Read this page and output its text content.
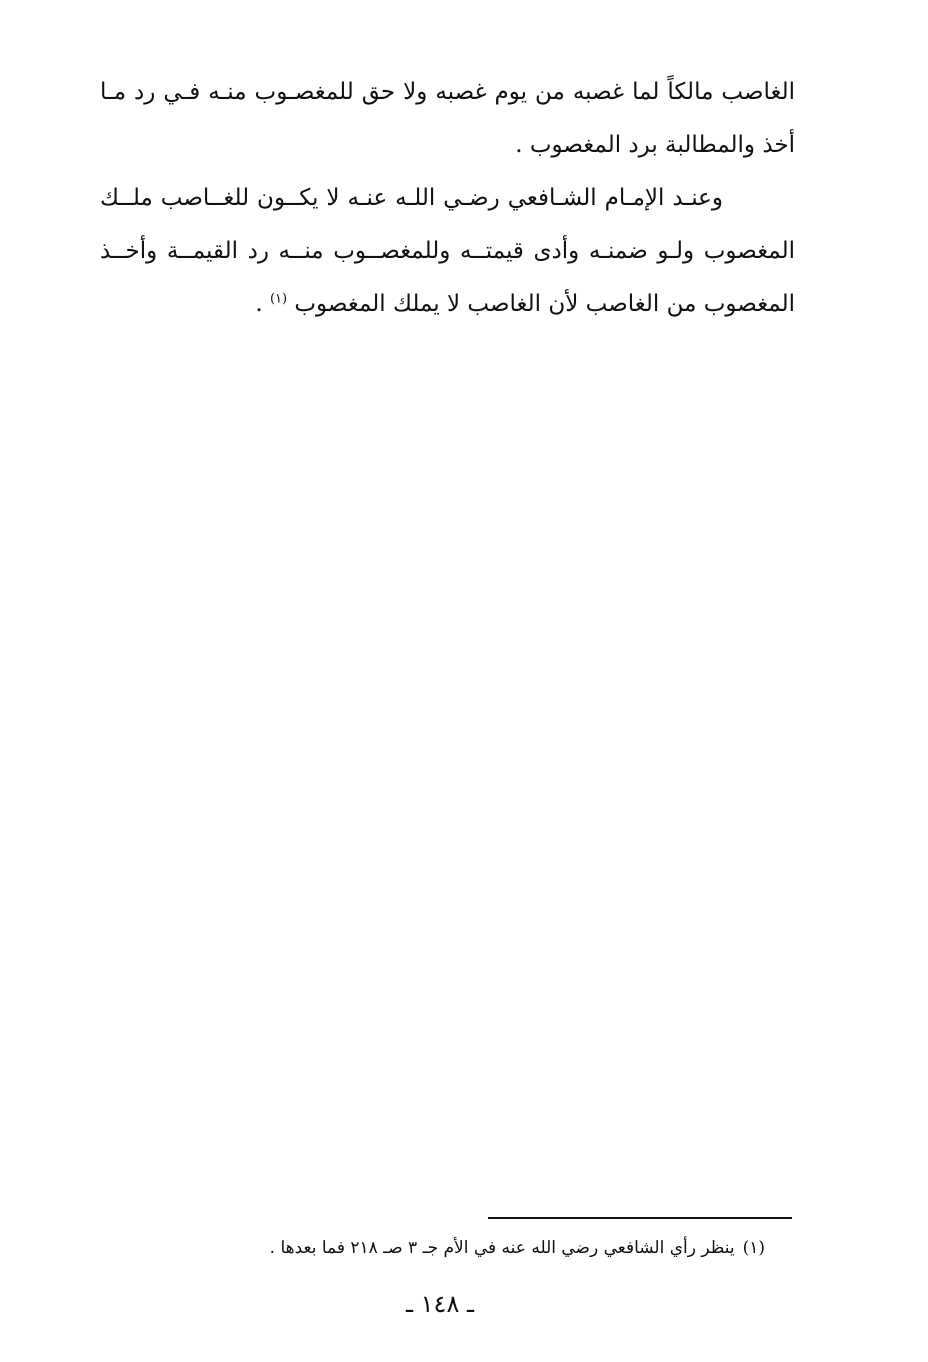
الغاصب مالكاً لما غصبه من يوم غصبه ولا حق للمغصـوب منـه فـي رد مـا
أخذ والمطالبة برد المغصوب .
وعنـد الإمـام الشـافعي رضـي اللـه عنـه لا يكــون للغــاصب ملــك
المغصوب ولـو ضمنـه وأدى قيمتــه وللمغصــوب منــه رد القيمــة وأخــذ
المغصوب من الغاصب لأن الغاصب لا يملك المغصوب $^{(١)}$ .
(١)ينظر رأي الشافعي رضي الله عنه في الأم جـ ٣ صـ ٢١٨ فما بعدها .
ـ ١٤٨ ـ
